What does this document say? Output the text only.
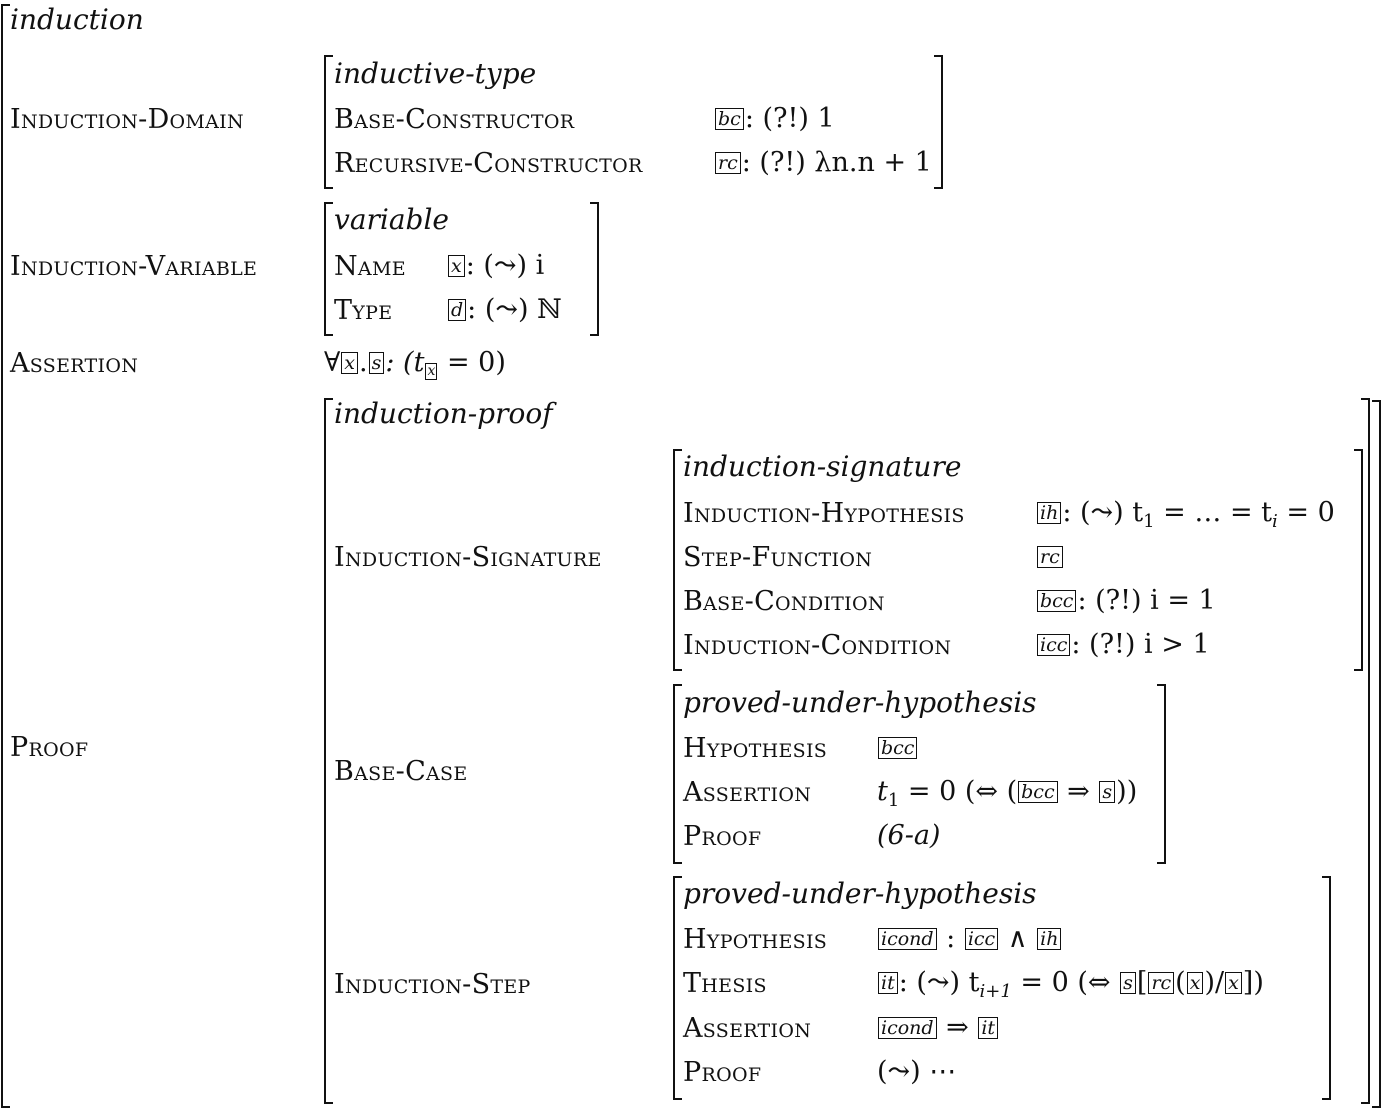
induction
Induction-Domain
inductive-type
Base-Constructor	bc : (?!) 1
Recursive-Constructor	rc : (?!) λn.n + 1
Induction-Variable
variable
Name x : (⤳) i
Type	d : (⤳) ℕ
Assertion	∀ x . s : (t x = 0)
Proof
induction-proof
Induction-Signature
induction-signature
Induction-Hypothesis	ih : (⤳) $t_1$ = … = $t_i = 0$
Step-Function	rc
Base-Condition	bcc : (?!) i = 1
Induction-Condition	icc : (?!) i > 1
Base-Case
proved-under-hypothesis
Hypothesis	bcc
Assertion $t_1 = 0$ (⇔ ( bcc ⇒ s ))
Proof	(6-a)
Induction-Step
proved-under-hypothesis
Hypothesis	icond : icc ∧ ih
Thesis	it : (⤳) $t_{i+1} = 0$ (⇔ s [ rc ( x )/ x ])
Assertion	icond ⇒ it
Proof	(⤳) ⋯
